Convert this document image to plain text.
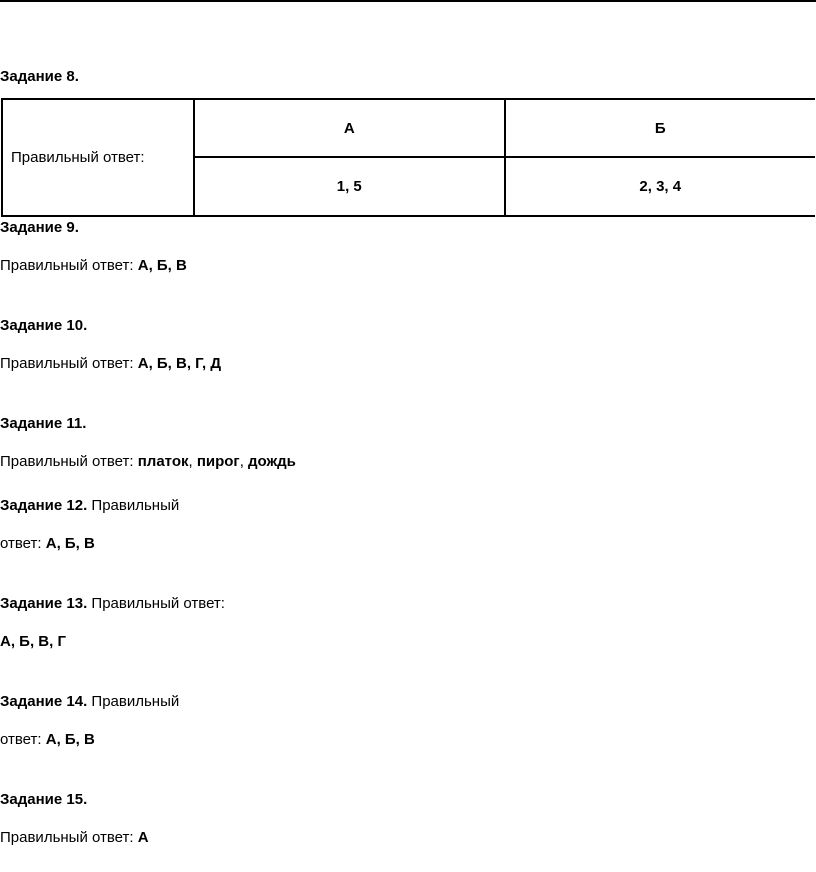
Задание 8.
Правильный ответ:	А	Б
	1, 5	2, 3, 4
Задание 9.
Правильный ответ: А, Б, В
Задание 10.
Правильный ответ: А, Б, В, Г, Д
Задание 11.
Правильный ответ: платок, пирог, дождь
Задание 12. Правильный
ответ: А, Б, В
Задание 13. Правильный ответ:
А, Б, В, Г
Задание 14. Правильный
ответ: А, Б, В
Задание 15.
Правильный ответ: А
